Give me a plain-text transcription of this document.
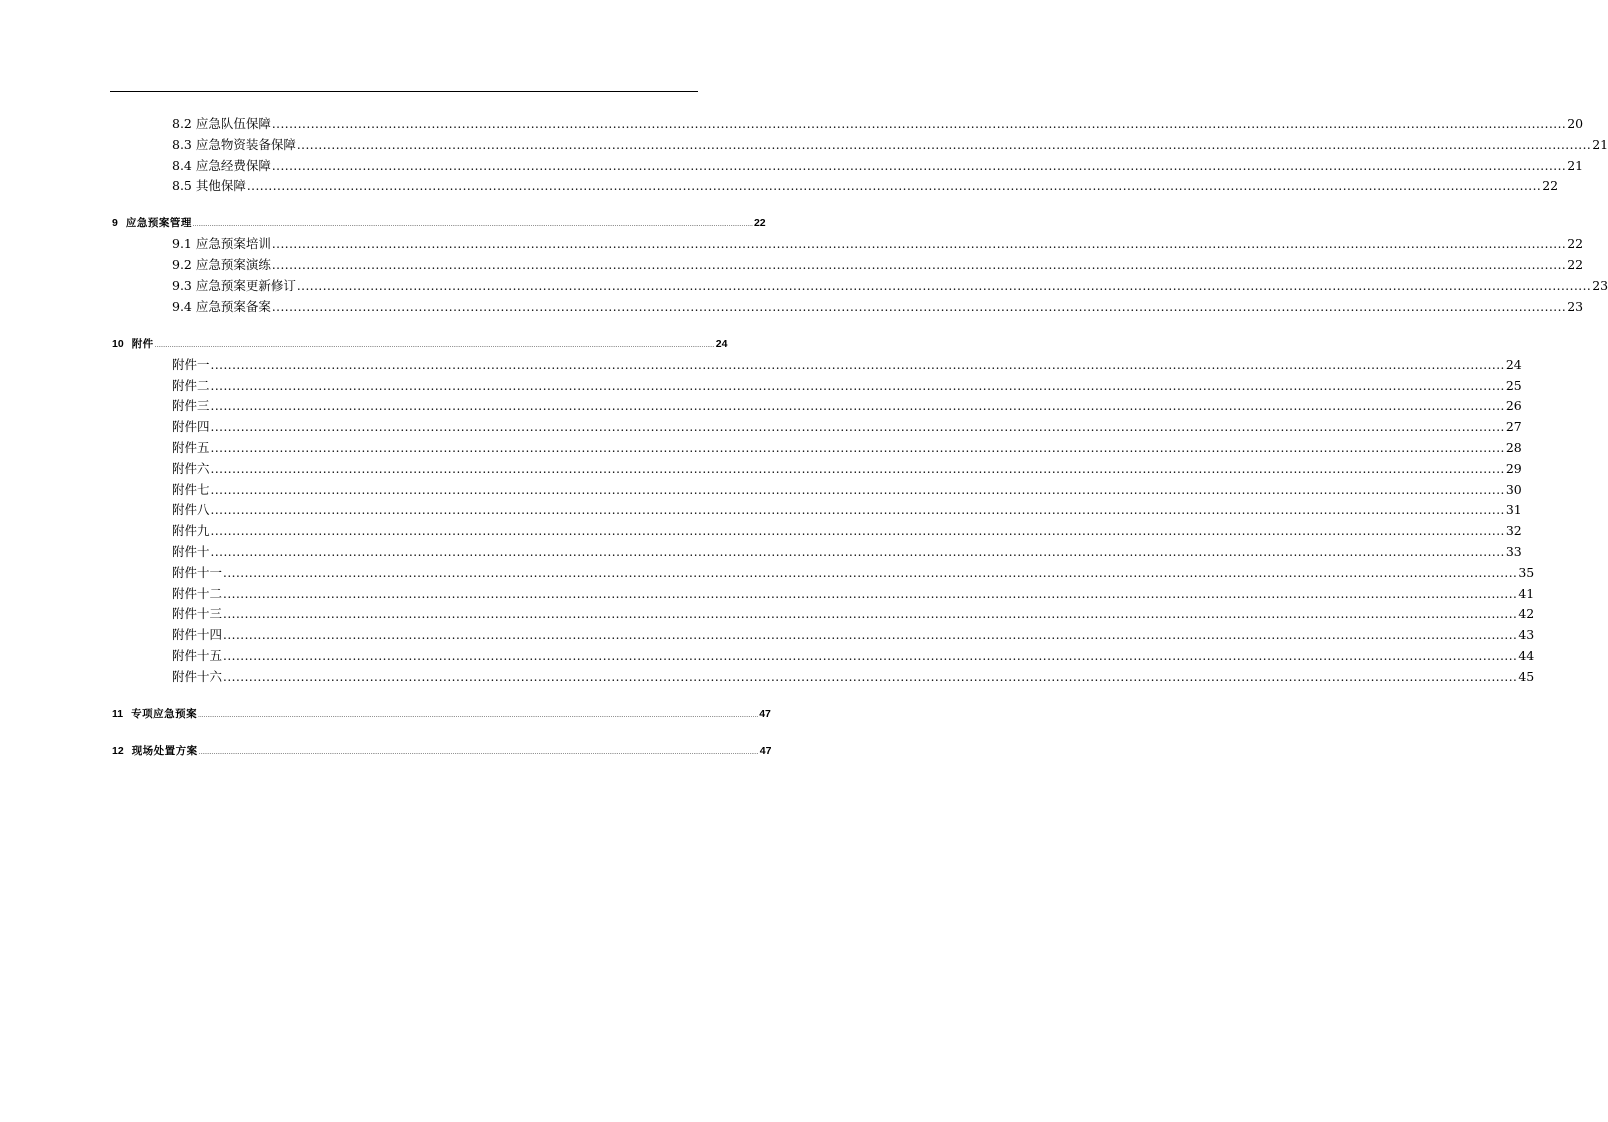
8.2 应急队伍保障 ............................................................................................................................................................................................................................................................................................................ 20
8.3 应急物资装备保障 ............................................................................................................................................................................................................................................................................................................ 21
8.4 应急经费保障 ............................................................................................................................................................................................................................................................................................................ 21
8.5 其他保障 ............................................................................................................................................................................................................................................................................................................ 22
9 应急预案管理 ............................................................................................................................................................................................................................................................................................................ 22
9.1 应急预案培训 ............................................................................................................................................................................................................................................................................................................ 22
9.2 应急预案演练 ............................................................................................................................................................................................................................................................................................................ 22
9.3 应急预案更新修订 ............................................................................................................................................................................................................................................................................................................ 23
9.4 应急预案备案 ............................................................................................................................................................................................................................................................................................................ 23
10 附件 ............................................................................................................................................................................................................................................................................................................ 24
附件一 ............................................................................................................................................................................................................................................................................................................ 24
附件二 ............................................................................................................................................................................................................................................................................................................ 25
附件三 ............................................................................................................................................................................................................................................................................................................ 26
附件四 ............................................................................................................................................................................................................................................................................................................ 27
附件五 ............................................................................................................................................................................................................................................................................................................ 28
附件六 ............................................................................................................................................................................................................................................................................................................ 29
附件七 ............................................................................................................................................................................................................................................................................................................ 30
附件八 ............................................................................................................................................................................................................................................................................................................ 31
附件九 ............................................................................................................................................................................................................................................................................................................ 32
附件十 ............................................................................................................................................................................................................................................................................................................ 33
附件十一 ............................................................................................................................................................................................................................................................................................................ 35
附件十二 ............................................................................................................................................................................................................................................................................................................ 41
附件十三 ............................................................................................................................................................................................................................................................................................................ 42
附件十四 ............................................................................................................................................................................................................................................................................................................ 43
附件十五 ............................................................................................................................................................................................................................................................................................................ 44
附件十六 ............................................................................................................................................................................................................................................................................................................ 45
11 专项应急预案 ............................................................................................................................................................................................................................................................................................................ 47
12 现场处置方案 ............................................................................................................................................................................................................................................................................................................ 47
